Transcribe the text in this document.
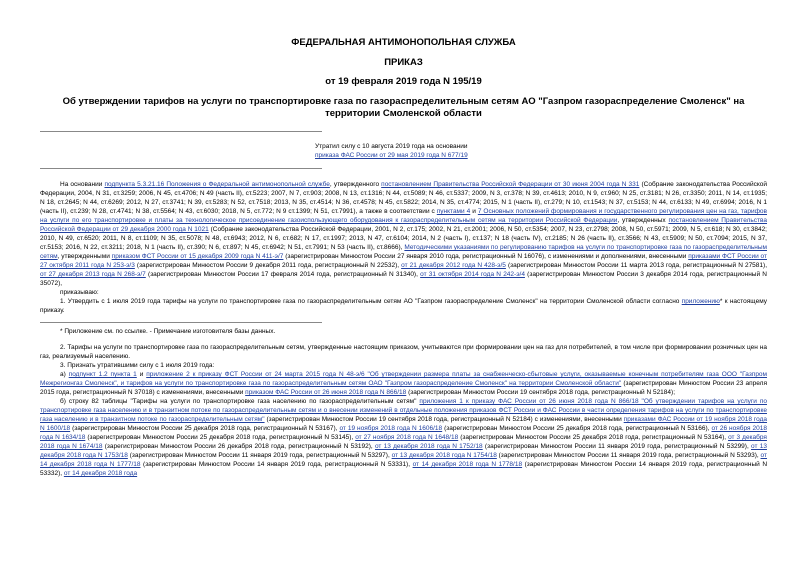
ФЕДЕРАЛЬНАЯ АНТИМОНОПОЛЬНАЯ СЛУЖБА
ПРИКАЗ
от 19 февраля 2019 года N 195/19
Об утверждении тарифов на услуги по транспортировке газа по газораспределительным сетям АО "Газпром газораспределение Смоленск" на территории Смоленской области
Утратил силу с 10 августа 2019 года на основании
приказа ФАС России от 29 мая 2019 года N 677/19

На основании подпункта 5.3.21.16 Положения о Федеральной антимонопольной службе, утвержденного постановлением Правительства Российской Федерации от 30 июня 2004 года N 331 (Собрание законодательства Российской Федерации, 2004, N 31, ст.3259; 2006, N 45, ст.4706; N 49 (часть II), ст.5223; 2007, N 7, ст.903; 2008, N 13, ст.1316; N 44, ст.5089; N 46, ст.5337; 2009, N 3, ст.378; N 39, ст.4613; 2010, N 9, ст.960; N 25, ст.3181; N 26, ст.3350; 2011, N 14, ст.1935; N 18, ст.2645; N 44, ст.6269; 2012, N 27, ст.3741; N 39, ст.5283; N 52, ст.7518; 2013, N 35, ст.4514; N 36, ст.4578; N 45, ст.5822; 2014, N 35, ст.4774; 2015, N 1 (часть II), ст.279; N 10, ст.1543; N 37, ст.5153; N 44, ст.6133; N 49, ст.6994; 2016, N 1 (часть II), ст.239; N 28, ст.4741; N 38, ст.5564; N 43, ст.6030; 2018, N 5, ст.772; N 9 ст.1399; N 51, ст.7991), а также в соответствии с пунктами 4 и 7 Основных положений формирования и государственного регулирования цен на газ, тарифов на услуги по его транспортировке и платы за технологическое присоединение газоиспользующего оборудования к газораспределительным сетям на территории Российской Федерации, утвержденных постановлением Правительства Российской Федерации от 29 декабря 2000 года N 1021 (Собрание законодательства Российской Федерации, 2001, N 2, ст.175; 2002, N 21, ст.2001; 2006, N 50, ст.5354; 2007, N 23, ст.2798; 2008, N 50, ст.5971; 2009, N 5, ст.618; N 30, ст.3842; 2010, N 49, ст.6520; 2011, N 8, ст.1109; N 35, ст.5078; N 48, ст.6943; 2012, N 6, ст.682; N 17, ст.1997; 2013, N 47, ст.6104; 2014, N 2 (часть I), ст.137; N 18 (часть IV), ст.2185; N 26 (часть II), ст.3566; N 43, ст.5909; N 50, ст.7094; 2015, N 37, ст.5153; 2016, N 22, ст.3211; 2018, N 1 (часть II), ст.390; N 6, ст.897; N 45, ст.6942; N 51, ст.7991; N 53 (часть II), ст.8666), Методическими указаниями по регулированию тарифов на услуги по транспортировке газа по газораспределительным сетям, утвержденными приказом ФСТ России от 15 декабря 2009 года N 411-э/7 (зарегистрирован Минюстом России 27 января 2010 года, регистрационный N 16076), с изменениями и дополнениями, внесенными приказами ФСТ России от 27 октября 2011 года N 253-э/3 (зарегистрирован Минюстом России 9 декабря 2011 года, регистрационный N 22532), от 21 декабря 2012 года N 428-э/5 (зарегистрирован Минюстом России 11 марта 2013 года, регистрационный N 27581), от 27 декабря 2013 года N 268-э/7 (зарегистрирован Минюстом России 17 февраля 2014 года, регистрационный N 31340), от 31 октября 2014 года N 242-э/4 (зарегистрирован Минюстом России 3 декабря 2014 года, регистрационный N 35072),

приказываю:

1. Утвердить с 1 июля 2019 года тарифы на услуги по транспортировке газа по газораспределительным сетям АО "Газпром газораспределение Смоленск" на территории Смоленской области согласно приложению* к настоящему приказу.

* Приложение см. по ссылке. - Примечание изготовителя базы данных.

2. Тарифы на услуги по транспортировке газа по газораспределительным сетям, утвержденные настоящим приказом, учитываются при формировании цен на газ для потребителей, в том числе при формировании розничных цен на газ, реализуемый населению.

3. Признать утратившими силу с 1 июля 2019 года:

а) подпункт 1.2 пункта 1 и приложение 2 к приказу ФСТ России от 24 марта 2015 года N 48-э/6 "Об утверждении размера платы за снабженческо-сбытовые услуги, оказываемые конечным потребителям газа ООО "Газпром Межрегионгаз Смоленск", и тарифов на услуги по транспортировке газа по газораспределительным сетям ОАО "Газпром газораспределение Смоленск" на территории Смоленской области" (зарегистрирован Минюстом России 23 апреля 2015 года, регистрационный N 37018) с изменениями, внесенными приказом ФАС России от 26 июня 2018 года N 866/18 (зарегистрирован Минюстом России 19 сентября 2018 года, регистрационный N 52184);

б) строку 82 таблицы "Тарифы на услуги по транспортировке газа населению по газораспределительным сетям" приложения 1 к приказу ФАС России от 26 июня 2018 года N 866/18 "Об утверждении тарифов на услуги по транспортировке газа населению и в транзитном потоке по газораспределительным сетям и о внесении изменений в отдельные положения приказов ФСТ России и ФАС России в части определения тарифов на услуги по транспортировке газа населению и в транзитном потоке по газораспределительным сетям" (зарегистрирован Минюстом России 19 сентября 2018 года, регистрационный N 52184) с изменениями, внесенными приказами ФАС России от 19 ноября 2018 года N 1600/18 (зарегистрирован Минюстом России 25 декабря 2018 года, регистрационный N 53167), от 19 ноября 2018 года N 1606/18 (зарегистрирован Минюстом России 25 декабря 2018 года, регистрационный N 53166), от 26 ноября 2018 года N 1634/18 (зарегистрирован Минюстом России 25 декабря 2018 года, регистрационный N 53145), от 27 ноября 2018 года N 1648/18 (зарегистрирован Минюстом России 25 декабря 2018 года, регистрационный N 53164), от 3 декабря 2018 года N 1674/18 (зарегистрирован Минюстом России 26 декабря 2018 года, регистрационный N 53192), от 13 декабря 2018 года N 1752/18 (зарегистрирован Минюстом России 11 января 2019 года, регистрационный N 53299), от 13 декабря 2018 года N 1753/18 (зарегистрирован Минюстом России 11 января 2019 года, регистрационный N 53297), от 13 декабря 2018 года N 1754/18 (зарегистрирован Минюстом России 11 января 2019 года, регистрационный N 53293), от 14 декабря 2018 года N 1777/18 (зарегистрирован Минюстом России 14 января 2019 года, регистрационный N 53331), от 14 декабря 2018 года N 1778/18 (зарегистрирован Минюстом России 14 января 2019 года, регистрационный N 53332), от 14 декабря 2018 года
